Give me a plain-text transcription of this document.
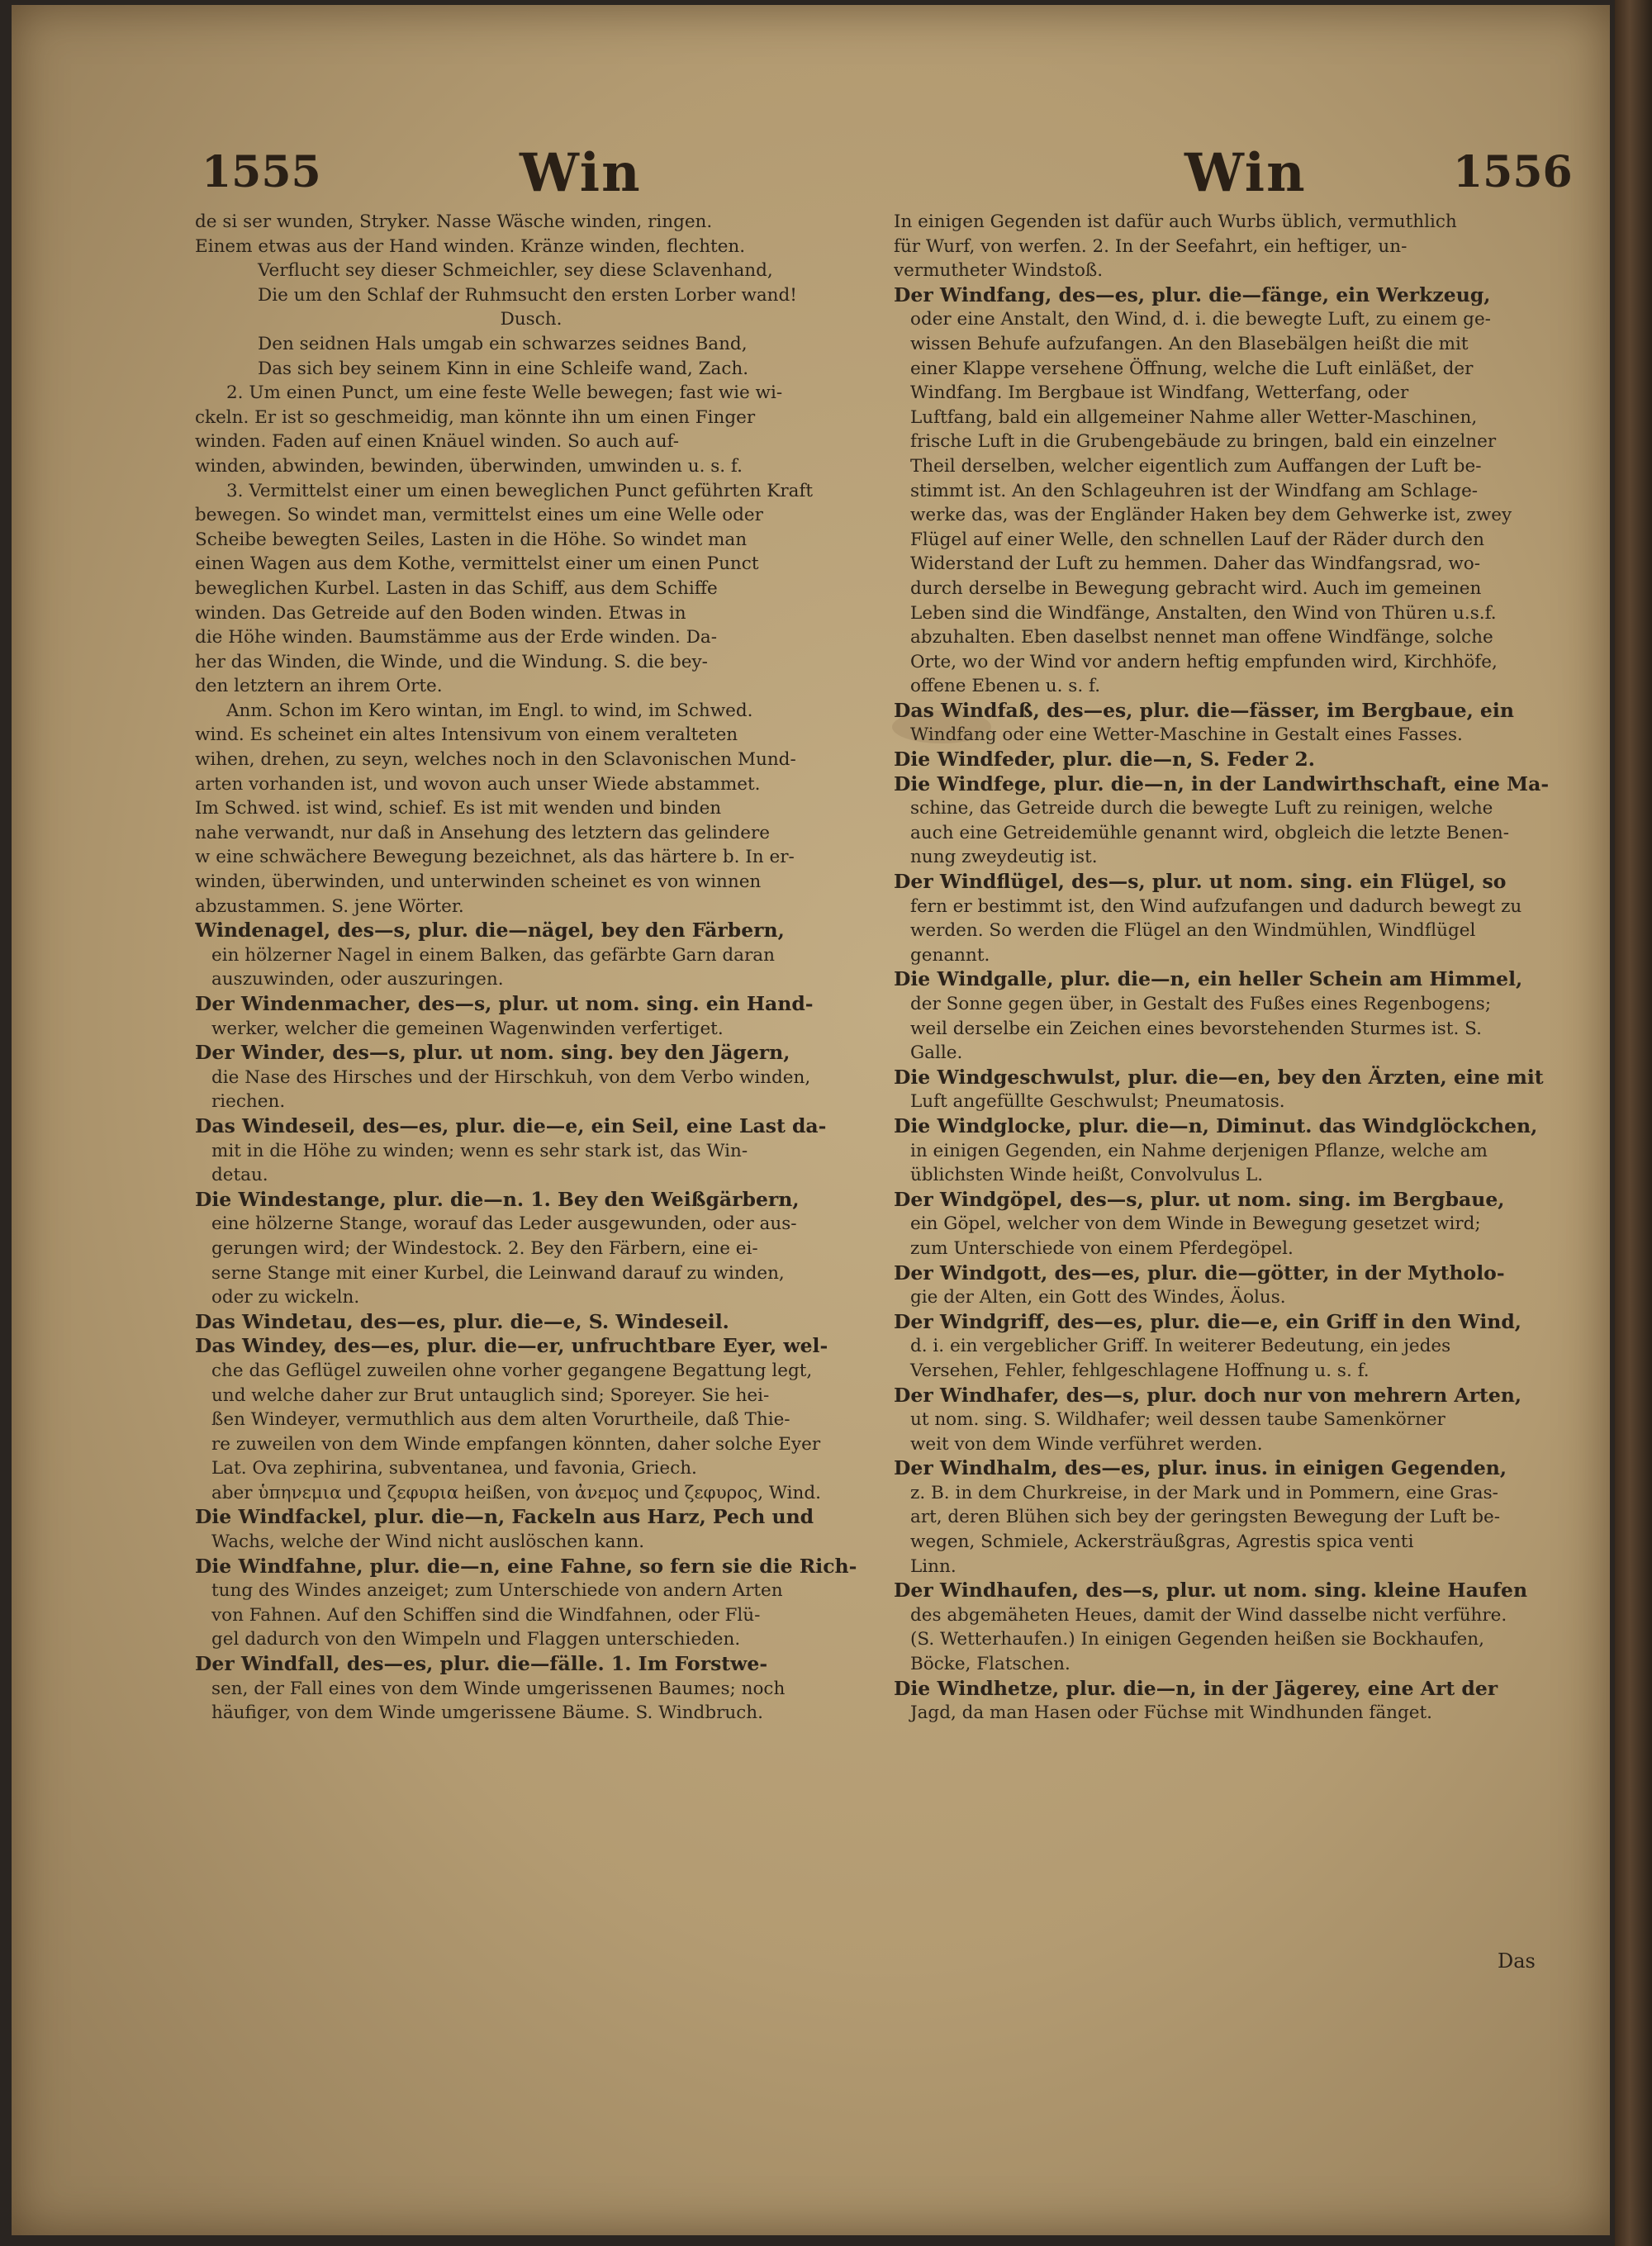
1555	Win	Win	1556
de si ser wunden, Stryker. Nasse Wäsche winden, ringen.
Einem etwas aus der Hand winden. Kränze winden, flechten.
Verflucht sey dieser Schmeichler, sey diese Sclavenhand,
Die um den Schlaf der Ruhmsucht den ersten Lorber wand!
Dusch.
Den seidnen Hals umgab ein schwarzes seidnes Band,
Das sich bey seinem Kinn in eine Schleife wand, Zach.
2. Um einen Punct, um eine feste Welle bewegen; fast wie wi-
ckeln. Er ist so geschmeidig, man könnte ihn um einen Finger
winden. Faden auf einen Knäuel winden. So auch auf-
winden, abwinden, bewinden, überwinden, umwinden u. s. f.
3. Vermittelst einer um einen beweglichen Punct geführten Kraft
bewegen. So windet man, vermittelst eines um eine Welle oder
Scheibe bewegten Seiles, Lasten in die Höhe. So windet man
einen Wagen aus dem Kothe, vermittelst einer um einen Punct
beweglichen Kurbel. Lasten in das Schiff, aus dem Schiffe
winden. Das Getreide auf den Boden winden. Etwas in
die Höhe winden. Baumstämme aus der Erde winden. Da-
her das Winden, die Winde, und die Windung. S. die bey-
den letztern an ihrem Orte.
Anm. Schon im Kero wintan, im Engl. to wind, im Schwed.
wind. Es scheinet ein altes Intensivum von einem veralteten
wihen, drehen, zu seyn, welches noch in den Sclavonischen Mund-
arten vorhanden ist, und wovon auch unser Wiede abstammet.
Im Schwed. ist wind, schief. Es ist mit wenden und binden
nahe verwandt, nur daß in Ansehung des letztern das gelindere
w eine schwächere Bewegung bezeichnet, als das härtere b. In er-
winden, überwinden, und unterwinden scheinet es von winnen
abzustammen. S. jene Wörter.
Windenagel, des—s, plur. die—nägel, bey den Färbern,
ein hölzerner Nagel in einem Balken, das gefärbte Garn daran
auszuwinden, oder auszuringen.
Der Windenmacher, des—s, plur. ut nom. sing. ein Hand-
werker, welcher die gemeinen Wagenwinden verfertiget.
Der Winder, des—s, plur. ut nom. sing. bey den Jägern,
die Nase des Hirsches und der Hirschkuh, von dem Verbo winden,
riechen.
Das Windeseil, des—es, plur. die—e, ein Seil, eine Last da-
mit in die Höhe zu winden; wenn es sehr stark ist, das Win-
detau.
Die Windestange, plur. die—n. 1. Bey den Weißgärbern,
eine hölzerne Stange, worauf das Leder ausgewunden, oder aus-
gerungen wird; der Windestock. 2. Bey den Färbern, eine ei-
serne Stange mit einer Kurbel, die Leinwand darauf zu winden,
oder zu wickeln.
Das Windetau, des—es, plur. die—e, S. Windeseil.
Das Windey, des—es, plur. die—er, unfruchtbare Eyer, wel-
che das Geflügel zuweilen ohne vorher gegangene Begattung legt,
und welche daher zur Brut untauglich sind; Sporeyer. Sie hei-
ßen Windeyer, vermuthlich aus dem alten Vorurtheile, daß Thie-
re zuweilen von dem Winde empfangen könnten, daher solche Eyer
Lat. Ova zephirina, subventanea, und favonia, Griech.
aber ὑπηνεμια und ζεφυρια heißen, von ἀνεμος und ζεφυρος, Wind.
Die Windfackel, plur. die—n, Fackeln aus Harz, Pech und
Wachs, welche der Wind nicht auslöschen kann.
Die Windfahne, plur. die—n, eine Fahne, so fern sie die Rich-
tung des Windes anzeiget; zum Unterschiede von andern Arten
von Fahnen. Auf den Schiffen sind die Windfahnen, oder Flü-
gel dadurch von den Wimpeln und Flaggen unterschieden.
Der Windfall, des—es, plur. die—fälle. 1. Im Forstwe-
sen, der Fall eines von dem Winde umgerissenen Baumes; noch
häufiger, von dem Winde umgerissene Bäume. S. Windbruch.
In einigen Gegenden ist dafür auch Wurbs üblich, vermuthlich
für Wurf, von werfen. 2. In der Seefahrt, ein heftiger, un-
vermutheter Windstoß.
Der Windfang, des—es, plur. die—fänge, ein Werkzeug,
oder eine Anstalt, den Wind, d. i. die bewegte Luft, zu einem ge-
wissen Behufe aufzufangen. An den Blasebälgen heißt die mit
einer Klappe versehene Öffnung, welche die Luft einläßet, der
Windfang. Im Bergbaue ist Windfang, Wetterfang, oder
Luftfang, bald ein allgemeiner Nahme aller Wetter-Maschinen,
frische Luft in die Grubengebäude zu bringen, bald ein einzelner
Theil derselben, welcher eigentlich zum Auffangen der Luft be-
stimmt ist. An den Schlageuhren ist der Windfang am Schlage-
werke das, was der Engländer Haken bey dem Gehwerke ist, zwey
Flügel auf einer Welle, den schnellen Lauf der Räder durch den
Widerstand der Luft zu hemmen. Daher das Windfangsrad, wo-
durch derselbe in Bewegung gebracht wird. Auch im gemeinen
Leben sind die Windfänge, Anstalten, den Wind von Thüren u.s.f.
abzuhalten. Eben daselbst nennet man offene Windfänge, solche
Orte, wo der Wind vor andern heftig empfunden wird, Kirchhöfe,
offene Ebenen u. s. f.
Das Windfaß, des—es, plur. die—fässer, im Bergbaue, ein
Windfang oder eine Wetter-Maschine in Gestalt eines Fasses.
Die Windfeder, plur. die—n, S. Feder 2.
Die Windfege, plur. die—n, in der Landwirthschaft, eine Ma-
schine, das Getreide durch die bewegte Luft zu reinigen, welche
auch eine Getreidemühle genannt wird, obgleich die letzte Benen-
nung zweydeutig ist.
Der Windflügel, des—s, plur. ut nom. sing. ein Flügel, so
fern er bestimmt ist, den Wind aufzufangen und dadurch bewegt zu
werden. So werden die Flügel an den Windmühlen, Windflügel
genannt.
Die Windgalle, plur. die—n, ein heller Schein am Himmel,
der Sonne gegen über, in Gestalt des Fußes eines Regenbogens;
weil derselbe ein Zeichen eines bevorstehenden Sturmes ist. S.
Galle.
Die Windgeschwulst, plur. die—en, bey den Ärzten, eine mit
Luft angefüllte Geschwulst; Pneumatosis.
Die Windglocke, plur. die—n, Diminut. das Windglöckchen,
in einigen Gegenden, ein Nahme derjenigen Pflanze, welche am
üblichsten Winde heißt, Convolvulus L.
Der Windgöpel, des—s, plur. ut nom. sing. im Bergbaue,
ein Göpel, welcher von dem Winde in Bewegung gesetzet wird;
zum Unterschiede von einem Pferdegöpel.
Der Windgott, des—es, plur. die—götter, in der Mytholo-
gie der Alten, ein Gott des Windes, Äolus.
Der Windgriff, des—es, plur. die—e, ein Griff in den Wind,
d. i. ein vergeblicher Griff. In weiterer Bedeutung, ein jedes
Versehen, Fehler, fehlgeschlagene Hoffnung u. s. f.
Der Windhafer, des—s, plur. doch nur von mehrern Arten,
ut nom. sing. S. Wildhafer; weil dessen taube Samenkörner
weit von dem Winde verführet werden.
Der Windhalm, des—es, plur. inus. in einigen Gegenden,
z. B. in dem Churkreise, in der Mark und in Pommern, eine Gras-
art, deren Blühen sich bey der geringsten Bewegung der Luft be-
wegen, Schmiele, Ackersträußgras, Agrestis spica venti
Linn.
Der Windhaufen, des—s, plur. ut nom. sing. kleine Haufen
des abgemäheten Heues, damit der Wind dasselbe nicht verführe.
(S. Wetterhaufen.) In einigen Gegenden heißen sie Bockhaufen,
Böcke, Flatschen.
Die Windhetze, plur. die—n, in der Jägerey, eine Art der
Jagd, da man Hasen oder Füchse mit Windhunden fänget.
Das
